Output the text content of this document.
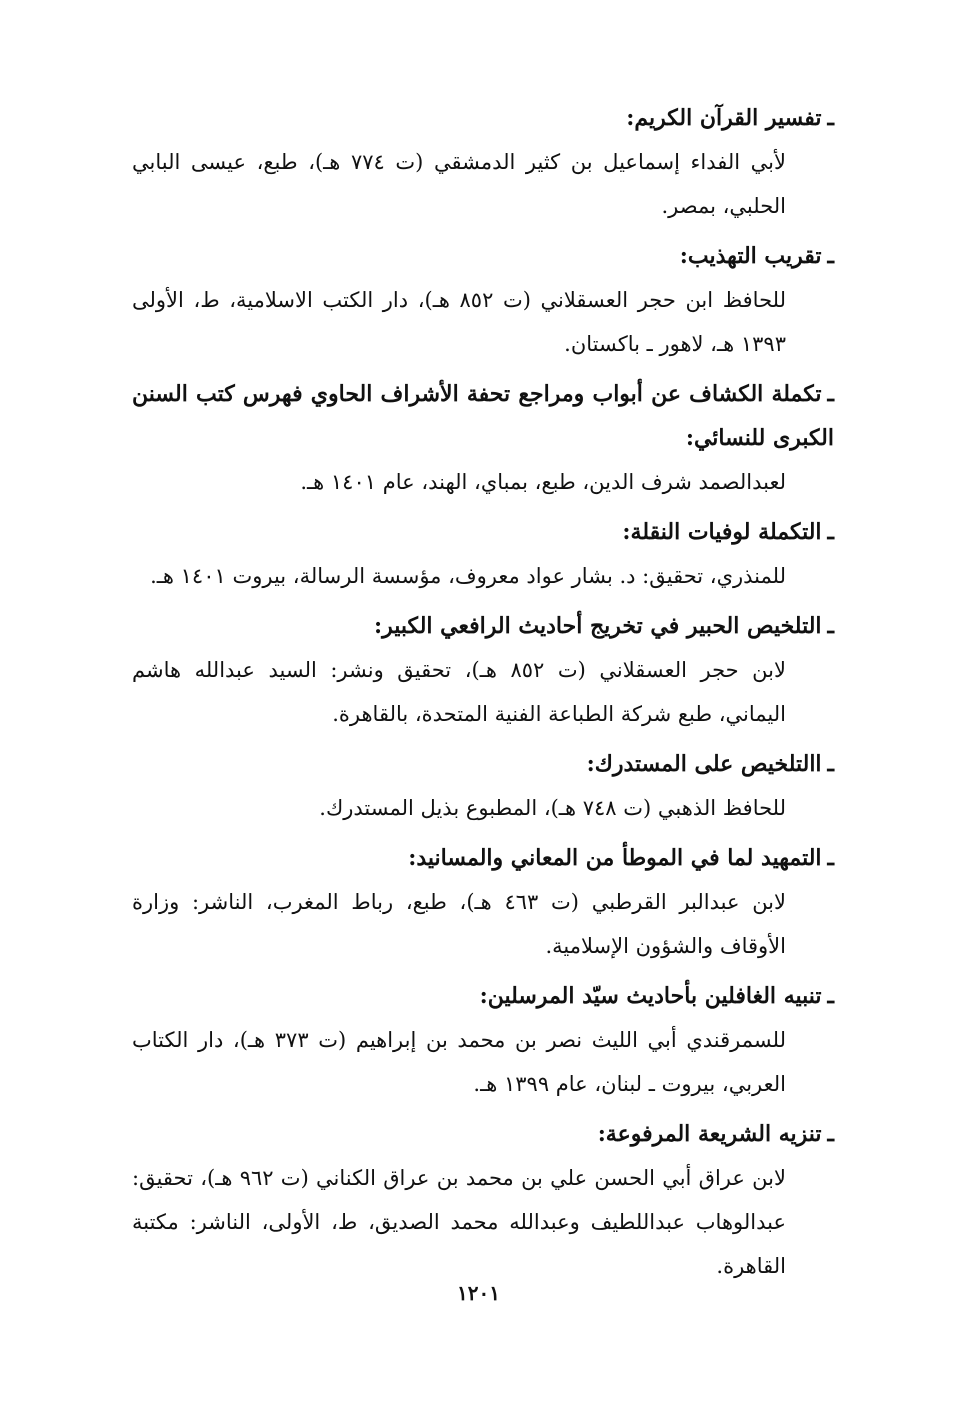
ـتفسير القرآن الكريم:
لأبي الفداء إسماعيل بن كثير الدمشقي (ت ٧٧٤ هـ)، طبع، عيسى البابي الحلبي، بمصر.
ـتقريب التهذيب:
للحافظ ابن حجر العسقلاني (ت ٨٥٢ هـ)، دار الكتب الاسلامية، ط، الأولى ١٣٩٣ هـ، لاهور ـ باكستان.
ـتكملة الكشاف عن أبواب ومراجع تحفة الأشراف الحاوي فهرس كتب السنن الكبرى للنسائي:
لعبدالصمد شرف الدين، طبع، بمباي، الهند، عام ١٤٠١ هـ.
ـالتكملة لوفيات النقلة:
للمنذري، تحقيق: د. بشار عواد معروف، مؤسسة الرسالة، بيروت ١٤٠١ هـ.
ـالتلخيص الحبير في تخريج أحاديث الرافعي الكبير:
لابن حجر العسقلاني (ت ٨٥٢ هـ)، تحقيق ونشر: السيد عبدالله هاشم اليماني، طبع شركة الطباعة الفنية المتحدة، بالقاهرة.
ـاالتلخيص على المستدرك:
للحافظ الذهبي (ت ٧٤٨ هـ)، المطبوع بذيل المستدرك.
ـالتمهيد لما في الموطأ من المعاني والمسانيد:
لابن عبدالبر القرطبي (ت ٤٦٣ هـ)، طبع، رباط المغرب، الناشر: وزارة الأوقاف والشؤون الإسلامية.
ـتنبيه الغافلين بأحاديث سيّد المرسلين:
للسمرقندي أبي الليث نصر بن محمد بن إبراهيم (ت ٣٧٣ هـ)، دار الكتاب العربي، بيروت ـ لبنان، عام ١٣٩٩ هـ.
ـتنزيه الشريعة المرفوعة:
لابن عراق أبي الحسن علي بن محمد بن عراق الكناني (ت ٩٦٢ هـ)، تحقيق: عبدالوهاب عبداللطيف وعبدالله محمد الصديق، ط، الأولى، الناشر: مكتبة القاهرة.
١٢٠١
